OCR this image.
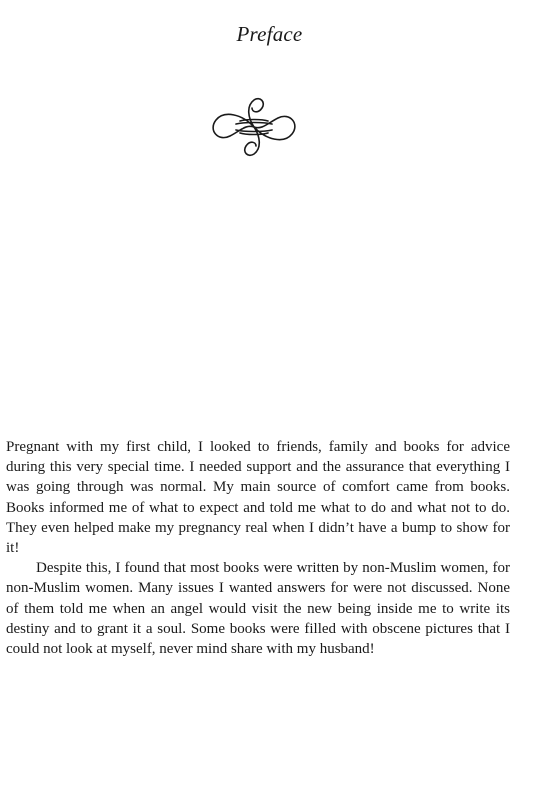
Preface

Pregnant with my first child, I looked to friends, family and books for advice during this very special time. I needed support and the assurance that everything I was going through was normal. My main source of comfort came from books. Books informed me of what to expect and told me what to do and what not to do. They even helped make my pregnancy real when I didn’t have a bump to show for it!

Despite this, I found that most books were written by non-Muslim women, for non-Muslim women. Many issues I wanted answers for were not discussed. None of them told me when an angel would visit the new being inside me to write its destiny and to grant it a soul. Some books were filled with obscene pictures that I could not look at myself, never mind share with my husband!
